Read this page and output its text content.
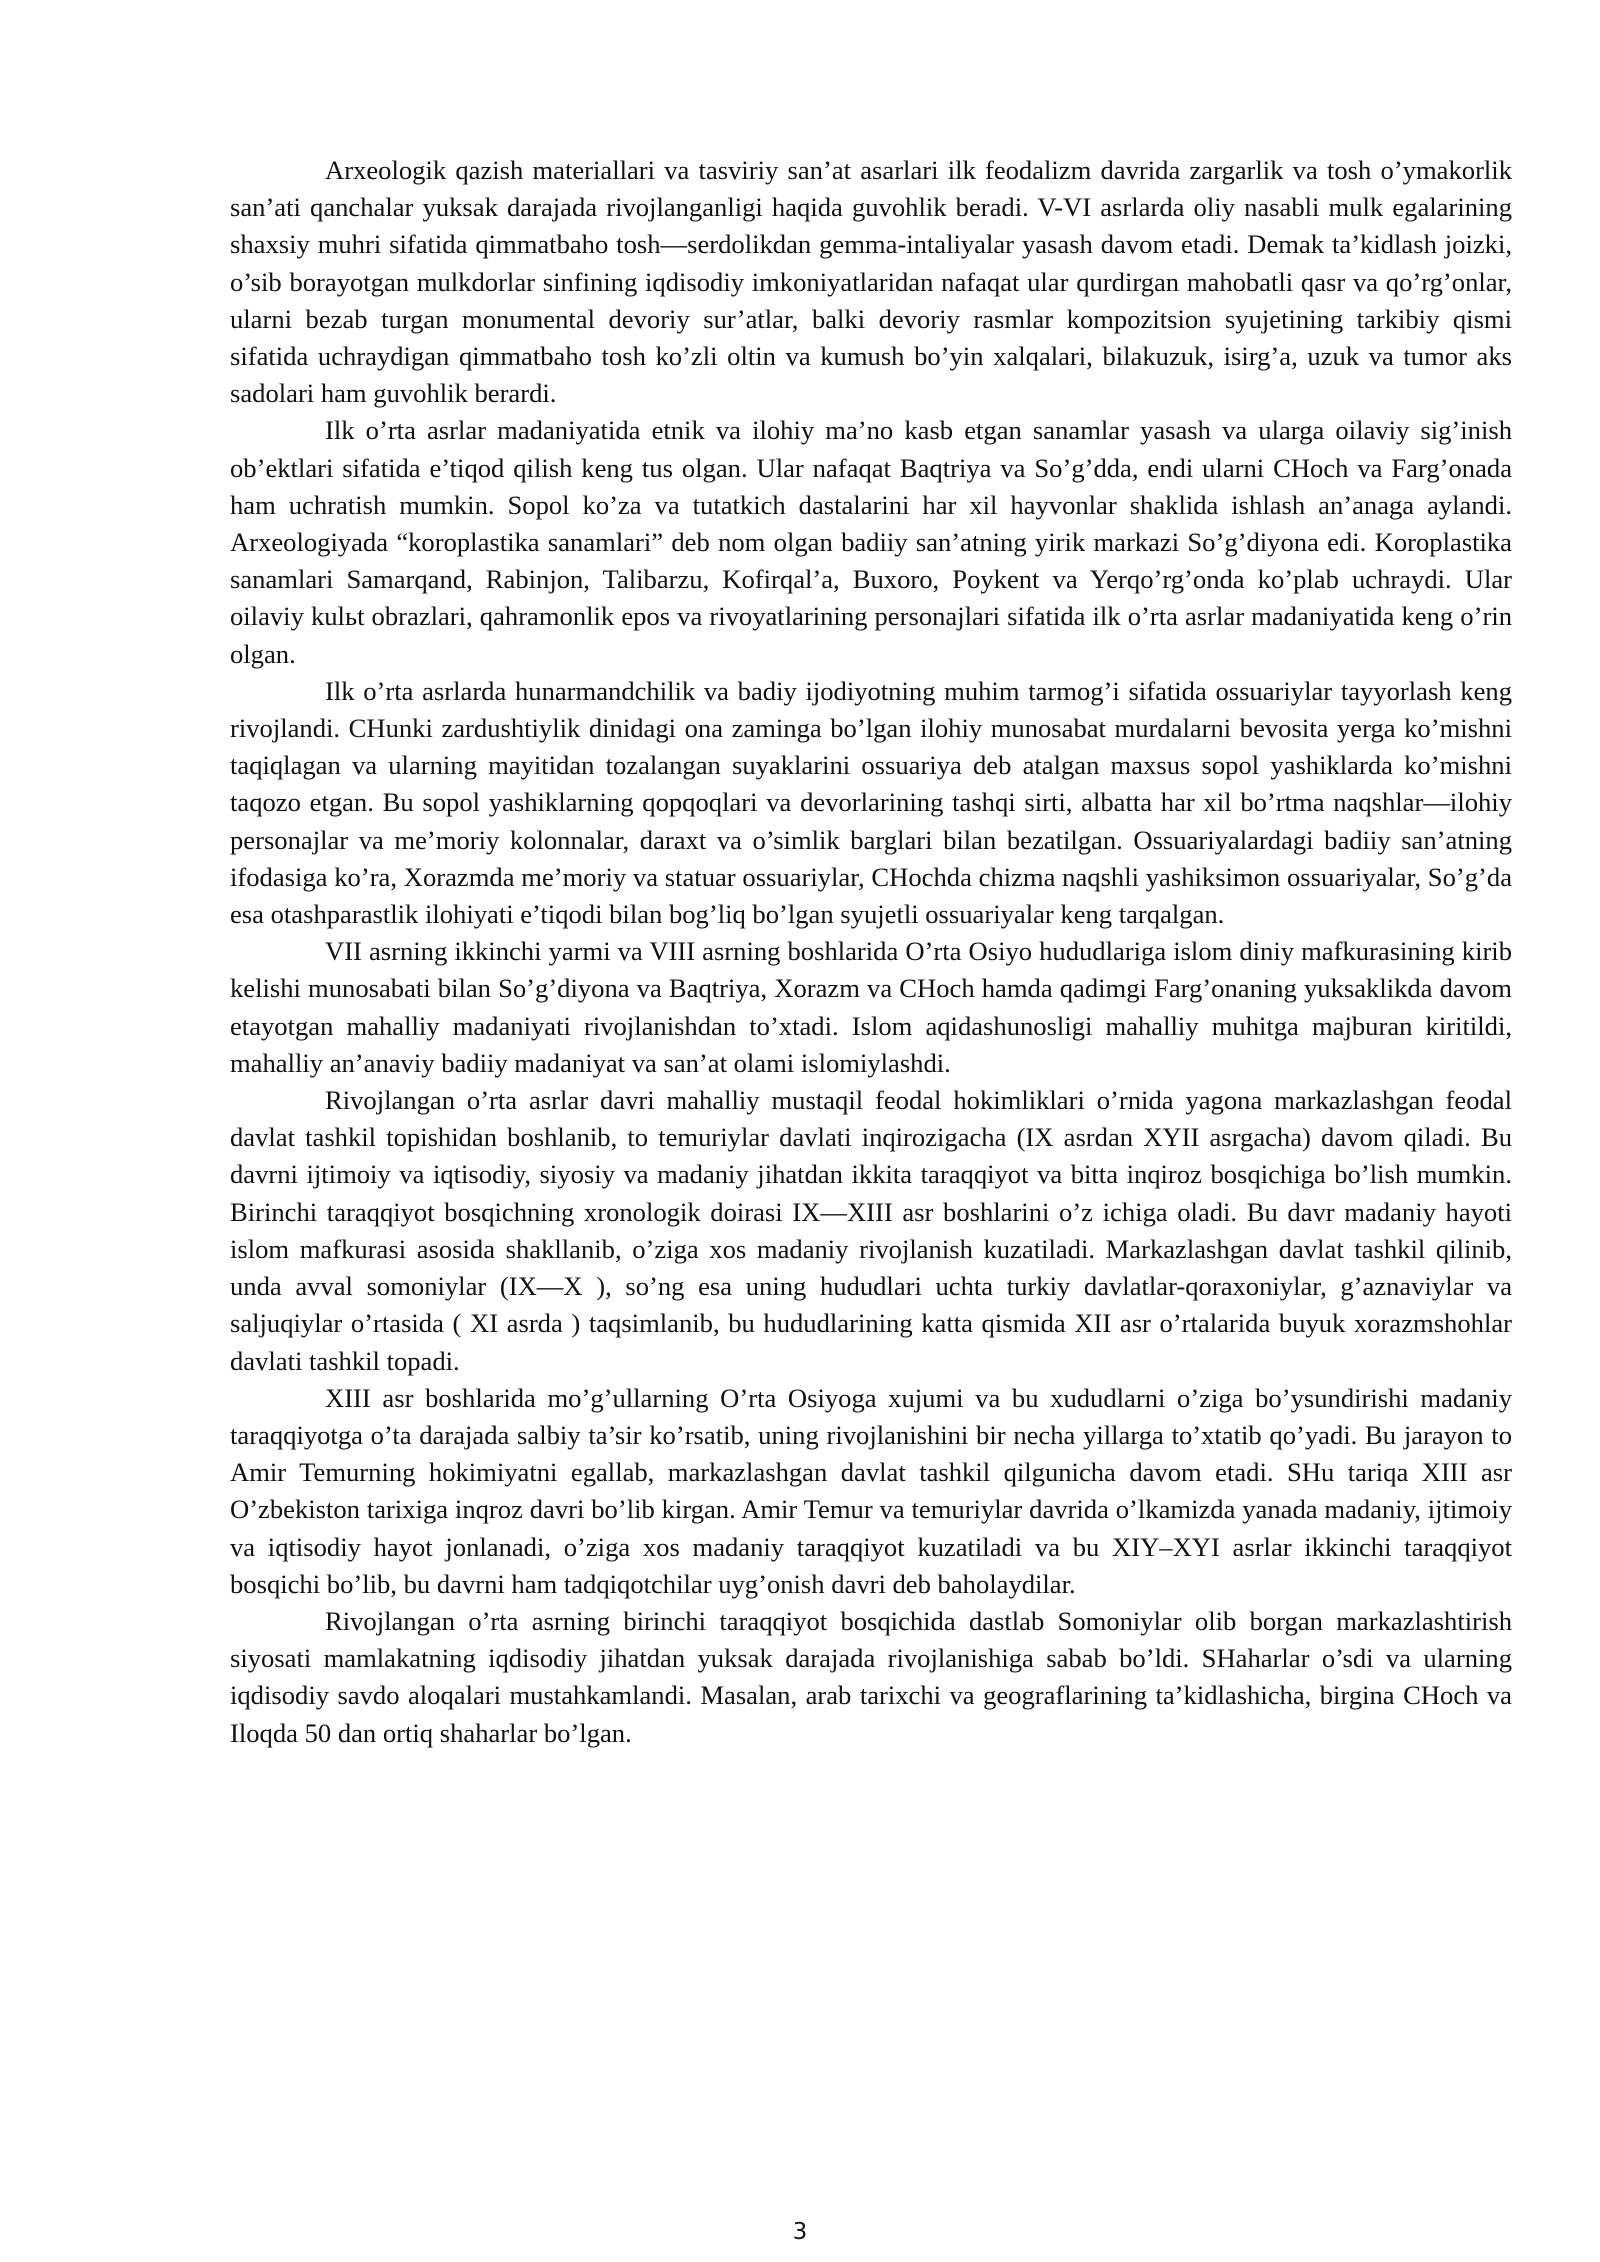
Arxeologik qazish materiallari va tasviriy san’at asarlari ilk feodalizm davrida zargarlik va tosh o’ymakorlik san’ati qanchalar yuksak darajada rivojlanganligi haqida guvohlik beradi. V-VI asrlarda oliy nasabli mulk egalarining shaxsiy muhri sifatida qimmatbaho tosh—serdolikdan gemma-intaliyalar yasash davom etadi. Demak ta’kidlash joizki, o’sib borayotgan mulkdorlar sinfining iqdisodiy imkoniyatlaridan nafaqat ular qurdirgan mahobatli qasr va qo’rg’onlar, ularni bezab turgan monumental devoriy sur’atlar, balki devoriy rasmlar kompozitsion syujetining tarkibiy qismi sifatida uchraydigan qimmatbaho tosh ko’zli oltin va kumush bo’yin xalqalari, bilakuzuk, isirg’a, uzuk va tumor aks sadolari ham guvohlik berardi.

Ilk o’rta asrlar madaniyatida etnik va ilohiy ma’no kasb etgan sanamlar yasash va ularga oilaviy sig’inish ob’ektlari sifatida e’tiqod qilish keng tus olgan. Ular nafaqat Baqtriya va So’g’dda, endi ularni CHoch va Farg’onada ham uchratish mumkin. Sopol ko’za va tutatkich dastalarini har xil hayvonlar shaklida ishlash an’anaga aylandi. Arxeologiyada “koroplastika sanamlari” deb nom olgan badiiy san’atning yirik markazi So’g’diyona edi. Koroplastika sanamlari Samarqand, Rabinjon, Talibarzu, Kofirqal’a, Buxoro, Poykent va Yerqo’rg’onda ko’plab uchraydi. Ular oilaviy kulьt obrazlari, qahramonlik epos va rivoyatlarining personajlari sifatida ilk o’rta asrlar madaniyatida keng o’rin olgan.

Ilk o’rta asrlarda hunarmandchilik va badiy ijodiyotning muhim tarmog’i sifatida ossuariylar tayyorlash keng rivojlandi. CHunki zardushtiylik dinidagi ona zaminga bo’lgan ilohiy munosabat murdalarni bevosita yerga ko’mishni taqiqlagan va ularning mayitidan tozalangan suyaklarini ossuariya deb atalgan maxsus sopol yashiklarda ko’mishni taqozo etgan. Bu sopol yashiklarning qopqoqlari va devorlarining tashqi sirti, albatta har xil bo’rtma naqshlar—ilohiy personajlar va me’moriy kolonnalar, daraxt va o’simlik barglari bilan bezatilgan. Ossuariyalardagi badiiy san’atning ifodasiga ko’ra, Xorazmda me’moriy va statuar ossuariylar, CHochda chizma naqshli yashiksimon ossuariyalar, So’g’da esa otashparastlik ilohiyati e’tiqodi bilan bog’liq bo’lgan syujetli ossuariyalar keng tarqalgan.

VII asrning ikkinchi yarmi va VIII asrning boshlarida O’rta Osiyo hududlariga islom diniy mafkurasining kirib kelishi munosabati bilan So’g’diyona va Baqtriya, Xorazm va CHoch hamda qadimgi Farg’onaning yuksaklikda davom etayotgan mahalliy madaniyati rivojlanishdan to’xtadi. Islom aqidashunosligi mahalliy muhitga majburan kiritildi, mahalliy an’anaviy badiiy madaniyat va san’at olami islomiylashdi.

Rivojlangan o’rta asrlar davri mahalliy mustaqil feodal hokimliklari o’rnida yagona markazlashgan feodal davlat tashkil topishidan boshlanib, to temuriylar davlati inqirozigacha (IX asrdan XYII asrgacha) davom qiladi. Bu davrni ijtimoiy va iqtisodiy, siyosiy va madaniy jihatdan ikkita taraqqiyot va bitta inqiroz bosqichiga bo’lish mumkin. Birinchi taraqqiyot bosqichning xronologik doirasi IX—XIII asr boshlarini o’z ichiga oladi. Bu davr madaniy hayoti islom mafkurasi asosida shakllanib, o’ziga xos madaniy rivojlanish kuzatiladi. Markazlashgan davlat tashkil qilinib, unda avval somoniylar (IX—X ), so’ng esa uning hududlari uchta turkiy davlatlar-qoraxoniylar, g’aznaviylar va saljuqiylar o’rtasida ( XI asrda ) taqsimlanib, bu hududlarining katta qismida XII asr o’rtalarida buyuk xorazmshohlar davlati tashkil topadi.

XIII asr boshlarida mo’g’ullarning O’rta Osiyoga xujumi va bu xududlarni o’ziga bo’ysundirishi madaniy taraqqiyotga o’ta darajada salbiy ta’sir ko’rsatib, uning rivojlanishini bir necha yillarga to’xtatib qo’yadi. Bu jarayon to Amir Temurning hokimiyatni egallab, markazlashgan davlat tashkil qilgunicha davom etadi. SHu tariqa XIII asr O’zbekiston tarixiga inqroz davri bo’lib kirgan. Amir Temur va temuriylar davrida o’lkamizda yanada madaniy, ijtimoiy va iqtisodiy hayot jonlanadi, o’ziga xos madaniy taraqqiyot kuzatiladi va bu XIY–XYI asrlar ikkinchi taraqqiyot bosqichi bo’lib, bu davrni ham tadqiqotchilar uyg’onish davri deb baholaydilar.

Rivojlangan o’rta asrning birinchi taraqqiyot bosqichida dastlab Somoniylar olib borgan markazlashtirish siyosati mamlakatning iqdisodiy jihatdan yuksak darajada rivojlanishiga sabab bo’ldi. SHaharlar o’sdi va ularning iqdisodiy savdo aloqalari mustahkamlandi. Masalan, arab tarixchi va geograflarining ta’kidlashicha, birgina CHoch va Iloqda 50 dan ortiq shaharlar bo’lgan.

3
